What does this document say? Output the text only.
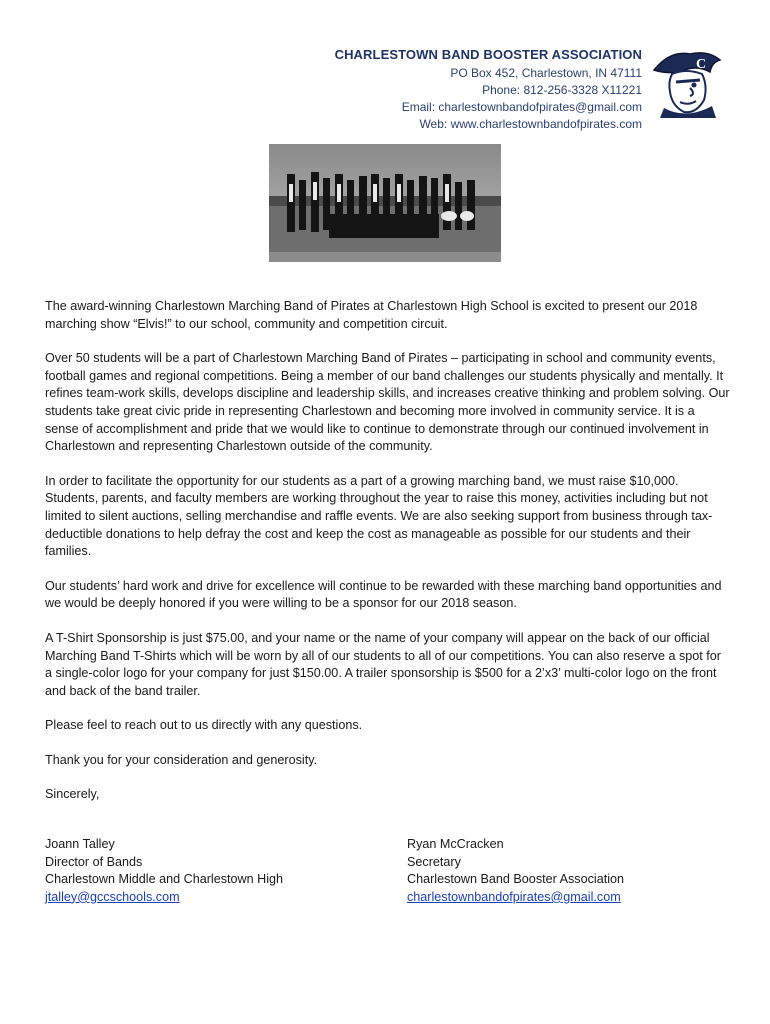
CHARLESTOWN BAND BOOSTER ASSOCIATION
PO Box 452, Charlestown, IN 47111
Phone: 812-256-3328 X11221
Email: charlestownbandofpirates@gmail.com
Web: www.charlestownbandofpirates.com
C

The award-winning Charlestown Marching Band of Pirates at Charlestown High School is excited to present our 2018 marching show “Elvis!” to our school, community and competition circuit.

Over 50 students will be a part of Charlestown Marching Band of Pirates – participating in school and community events, football games and regional competitions. Being a member of our band challenges our students physically and mentally. It refines team-work skills, develops discipline and leadership skills, and increases creative thinking and problem solving. Our students take great civic pride in representing Charlestown and becoming more involved in community service. It is a sense of accomplishment and pride that we would like to continue to demonstrate through our continued involvement in Charlestown and representing Charlestown outside of the community.

In order to facilitate the opportunity for our students as a part of a growing marching band, we must raise $10,000. Students, parents, and faculty members are working throughout the year to raise this money, activities including but not limited to silent auctions, selling merchandise and raffle events. We are also seeking support from business through tax-deductible donations to help defray the cost and keep the cost as manageable as possible for our students and their families.

Our students’ hard work and drive for excellence will continue to be rewarded with these marching band opportunities and we would be deeply honored if you were willing to be a sponsor for our 2018 season.

A T-Shirt Sponsorship is just $75.00, and your name or the name of your company will appear on the back of our official Marching Band T-Shirts which will be worn by all of our students to all of our competitions. You can also reserve a spot for a single-color logo for your company for just $150.00. A trailer sponsorship is $500 for a 2’x3’ multi-color logo on the front and back of the band trailer.

Please feel to reach out to us directly with any questions.

Thank you for your consideration and generosity.

Sincerely,

Joann Talley
Director of Bands
Charlestown Middle and Charlestown High
jtalley@gccschools.com
Ryan McCracken
Secretary
Charlestown Band Booster Association
charlestownbandofpirates@gmail.com
